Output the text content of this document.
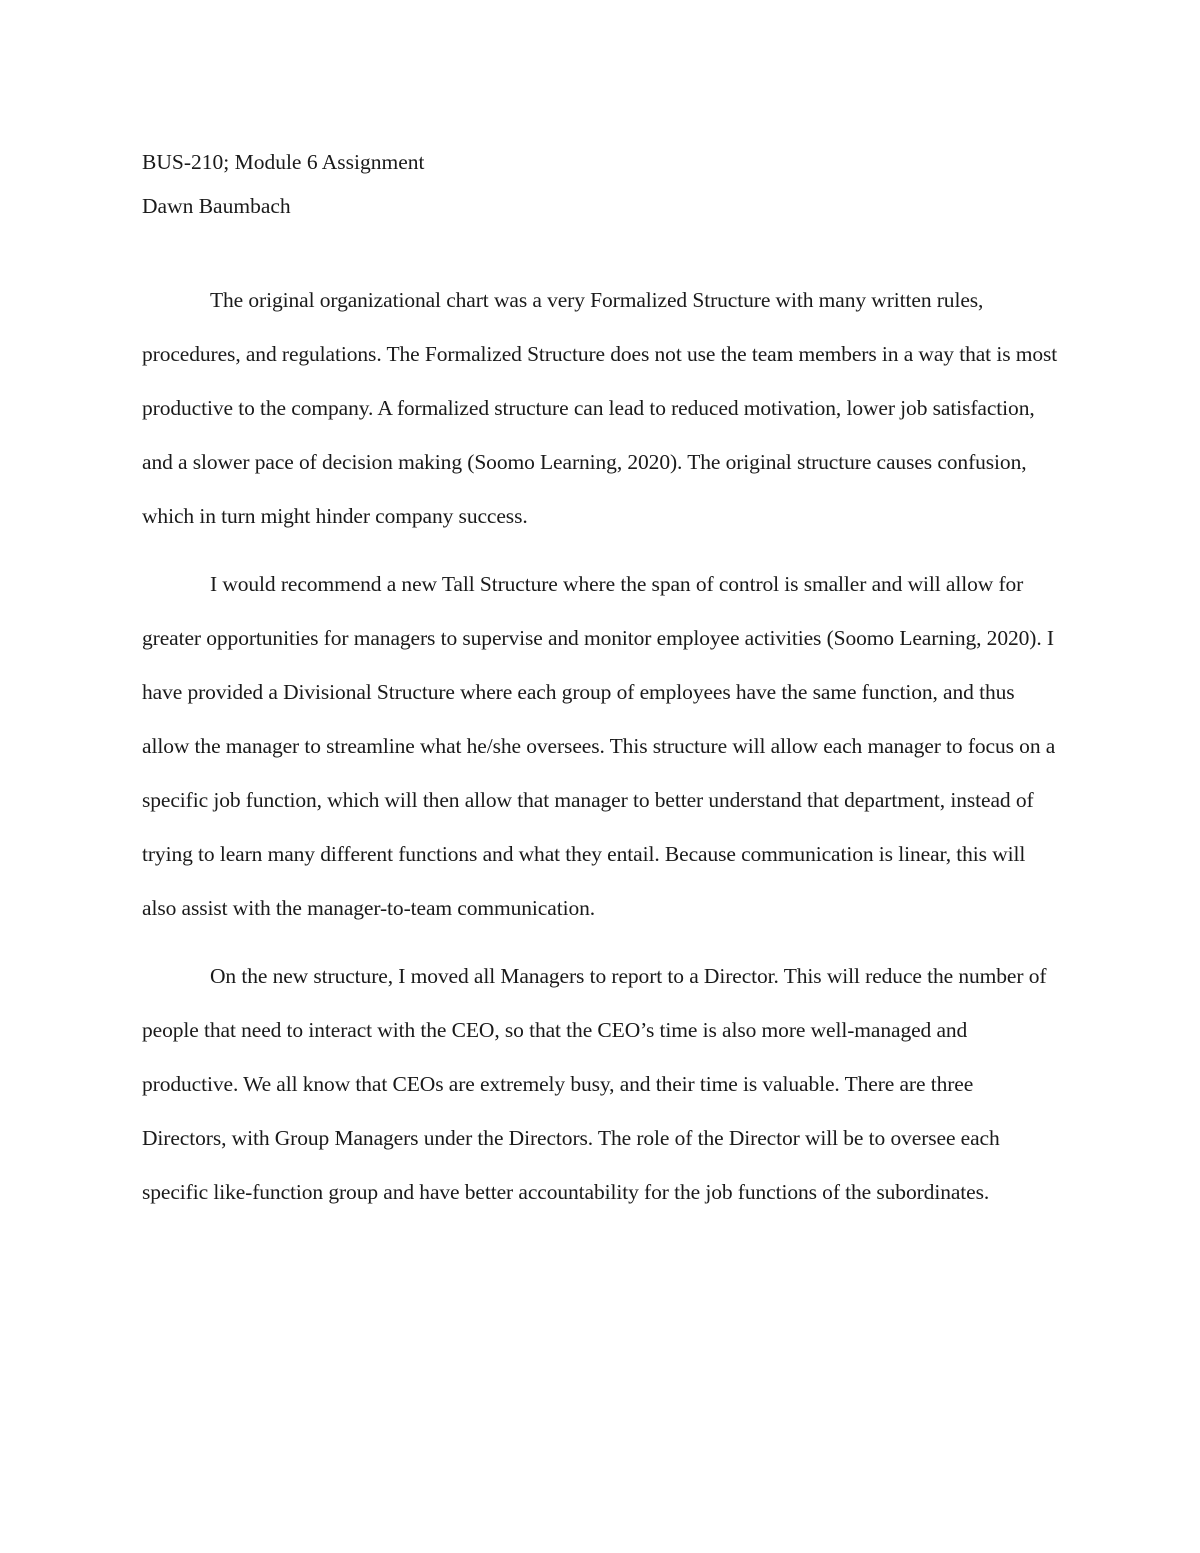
BUS-210; Module 6 Assignment

Dawn Baumbach

The original organizational chart was a very Formalized Structure with many written rules, procedures, and regulations. The Formalized Structure does not use the team members in a way that is most productive to the company. A formalized structure can lead to reduced motivation, lower job satisfaction, and a slower pace of decision making (Soomo Learning, 2020). The original structure causes confusion, which in turn might hinder company success.

I would recommend a new Tall Structure where the span of control is smaller and will allow for greater opportunities for managers to supervise and monitor employee activities (Soomo Learning, 2020). I have provided a Divisional Structure where each group of employees have the same function, and thus allow the manager to streamline what he/she oversees. This structure will allow each manager to focus on a specific job function, which will then allow that manager to better understand that department, instead of trying to learn many different functions and what they entail. Because communication is linear, this will also assist with the manager-to-team communication.

On the new structure, I moved all Managers to report to a Director. This will reduce the number of people that need to interact with the CEO, so that the CEO’s time is also more well-managed and productive. We all know that CEOs are extremely busy, and their time is valuable. There are three Directors, with Group Managers under the Directors. The role of the Director will be to oversee each specific like-function group and have better accountability for the job functions of the subordinates.
